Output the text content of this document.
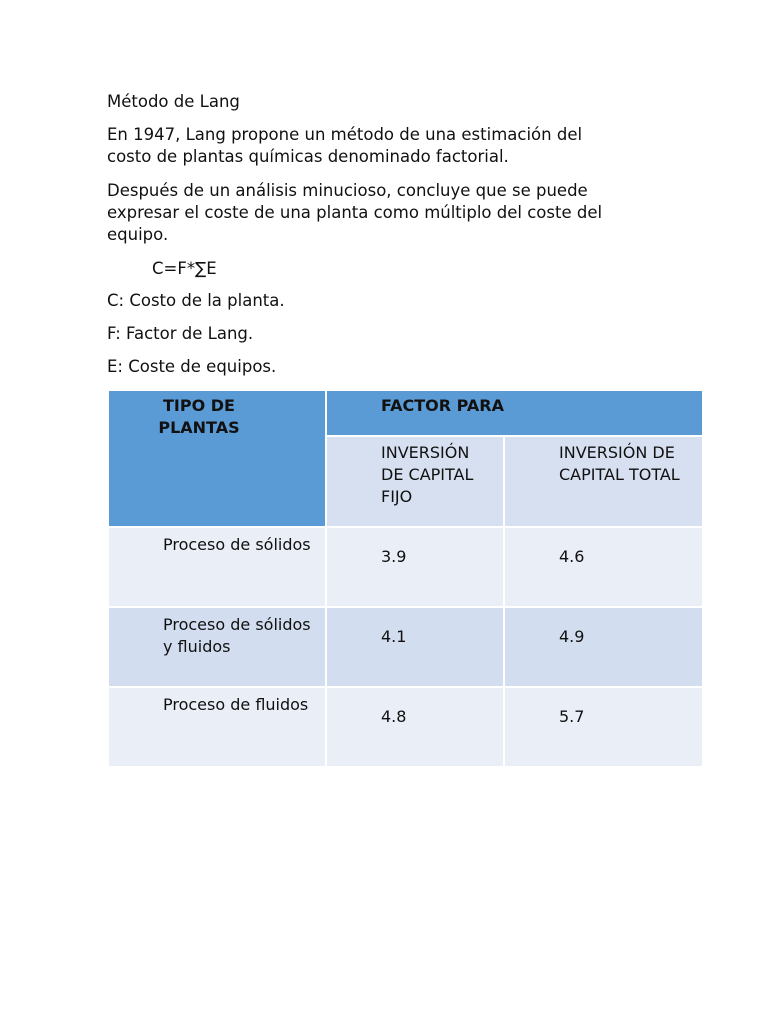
Método de Lang

En 1947, Lang propone un método de una estimación del
costo de plantas químicas denominado factorial.

Después de un análisis minucioso, concluye que se puede
expresar el coste de una planta como múltiplo del coste del
equipo.

C=F*∑E

C: Costo de la planta.

F: Factor de Lang.

E: Coste de equipos.

TIPO DE PLANTAS	FACTOR PARA	

	INVERSIÓN DE CAPITAL FIJO	INVERSIÓN DE CAPITAL TOTAL

Proceso de sólidos	3.9	4.6

Proceso de sólidos y fluidos	4.1	4.9

Proceso de fluidos	4.8	5.7
